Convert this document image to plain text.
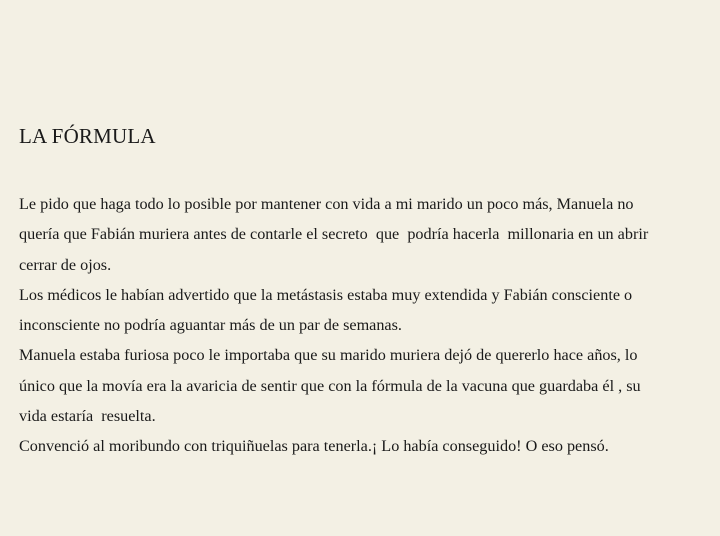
LA FÓRMULA
Le pido que haga todo lo posible por mantener con vida a mi marido un poco más, Manuela no
quería que Fabián muriera antes de contarle el secreto  que  podría hacerla  millonaria en un abrir
cerrar de ojos.
Los médicos le habían advertido que la metástasis estaba muy extendida y Fabián consciente o
inconsciente no podría aguantar más de un par de semanas.
Manuela estaba furiosa poco le importaba que su marido muriera dejó de quererlo hace años, lo
único que la movía era la avaricia de sentir que con la fórmula de la vacuna que guardaba él , su
vida estaría  resuelta.
Convenció al moribundo con triquiñuelas para tenerla.¡ Lo había conseguido! O eso pensó.
